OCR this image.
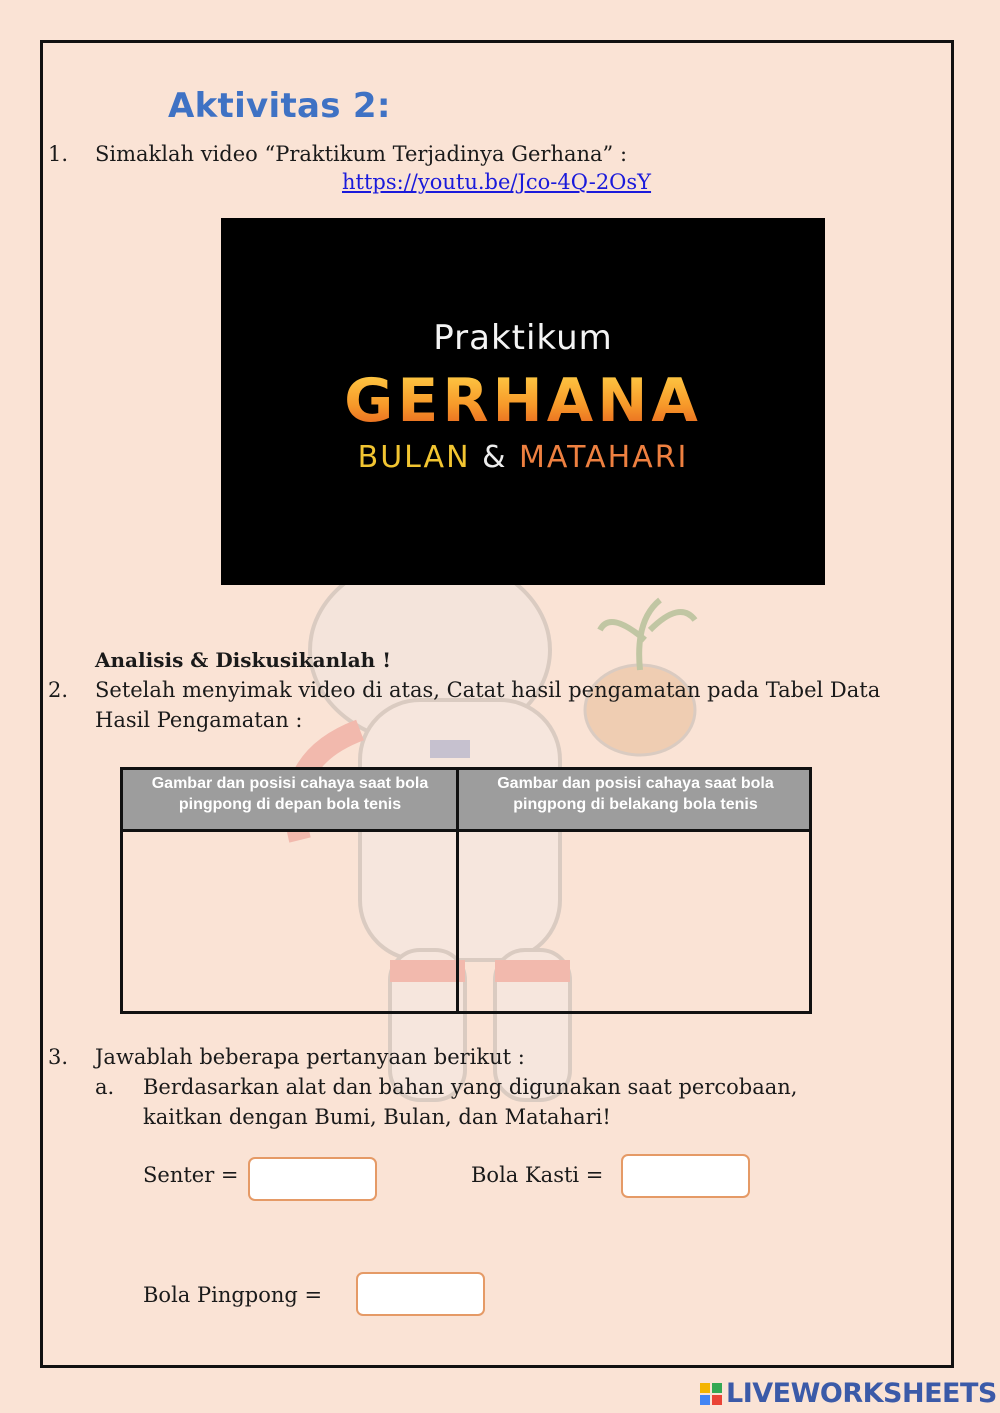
Aktivitas 2:
1. Simaklah video “Praktikum Terjadinya Gerhana” :
https://youtu.be/Jco-4Q-2OsY
Praktikum
GERHANA
BULAN & MATAHARI
Analisis & Diskusikanlah !
2. Setelah menyimak video di atas, Catat hasil pengamatan pada Tabel Data
Hasil Pengamatan :
Gambar dan posisi cahaya saat bola pingpong di depan bola tenis
Gambar dan posisi cahaya saat bola pingpong di belakang bola tenis
3. Jawablah beberapa pertanyaan berikut :
a. Berdasarkan alat dan bahan yang digunakan saat percobaan,
kaitkan dengan Bumi, Bulan, dan Matahari!
Senter =	Bola Kasti =
Bola Pingpong =
LIVEWORKSHEETS
